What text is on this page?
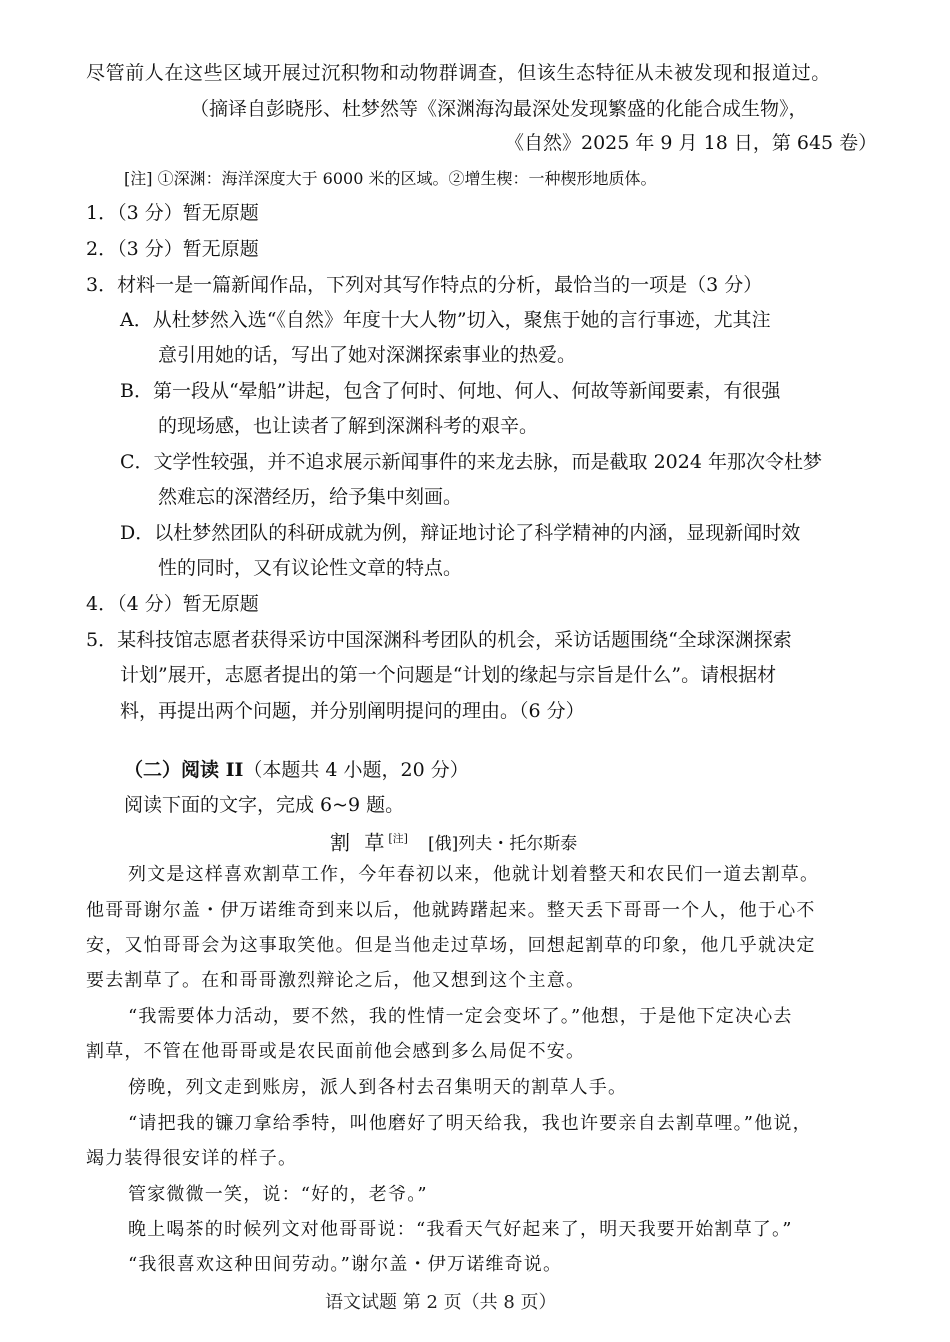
尽管前人在这些区域开展过沉积物和动物群调查，但该生态特征从未被发现和报道过。
（摘译自彭晓彤、杜梦然等《深渊海沟最深处发现繁盛的化能合成生物》，
《自然》2025 年 9 月 18 日，第 645 卷）
[注] ①深渊：海洋深度大于 6000 米的区域。②增生楔：一种楔形地质体。
1．（3 分）暂无原题
2．（3 分）暂无原题
3．材料一是一篇新闻作品，下列对其写作特点的分析，最恰当的一项是（3 分）
A．从杜梦然入选“《自然》年度十大人物”切入，聚焦于她的言行事迹，尤其注
意引用她的话，写出了她对深渊探索事业的热爱。
B．第一段从“晕船”讲起，包含了何时、何地、何人、何故等新闻要素，有很强
的现场感，也让读者了解到深渊科考的艰辛。
C．文学性较强，并不追求展示新闻事件的来龙去脉，而是截取 2024 年那次令杜梦
然难忘的深潜经历，给予集中刻画。
D．以杜梦然团队的科研成就为例，辩证地讨论了科学精神的内涵，显现新闻时效
性的同时，又有议论性文章的特点。
4．（4 分）暂无原题
5．某科技馆志愿者获得采访中国深渊科考团队的机会，采访话题围绕“全球深渊探索
计划”展开，志愿者提出的第一个问题是“计划的缘起与宗旨是什么”。请根据材
料，再提出两个问题，并分别阐明提问的理由。（6 分）
（二）阅读 II（本题共 4 小题，20 分）
阅读下面的文字，完成 6~9 题。
割 草[注] [俄]列夫・托尔斯泰
列文是这样喜欢割草工作，今年春初以来，他就计划着整天和农民们一道去割草。
他哥哥谢尔盖・伊万诺维奇到来以后，他就踌躇起来。整天丢下哥哥一个人，他于心不
安，又怕哥哥会为这事取笑他。但是当他走过草场，回想起割草的印象，他几乎就决定
要去割草了。在和哥哥激烈辩论之后，他又想到这个主意。
“我需要体力活动，要不然，我的性情一定会变坏了。”他想，于是他下定决心去
割草，不管在他哥哥或是农民面前他会感到多么局促不安。
傍晚，列文走到账房，派人到各村去召集明天的割草人手。
“请把我的镰刀拿给季特，叫他磨好了明天给我，我也许要亲自去割草哩。”他说，
竭力装得很安详的样子。
管家微微一笑，说：“好的，老爷。”
晚上喝茶的时候列文对他哥哥说：“我看天气好起来了，明天我要开始割草了。”
“我很喜欢这种田间劳动。”谢尔盖・伊万诺维奇说。
语文试题 第 2 页（共 8 页）
